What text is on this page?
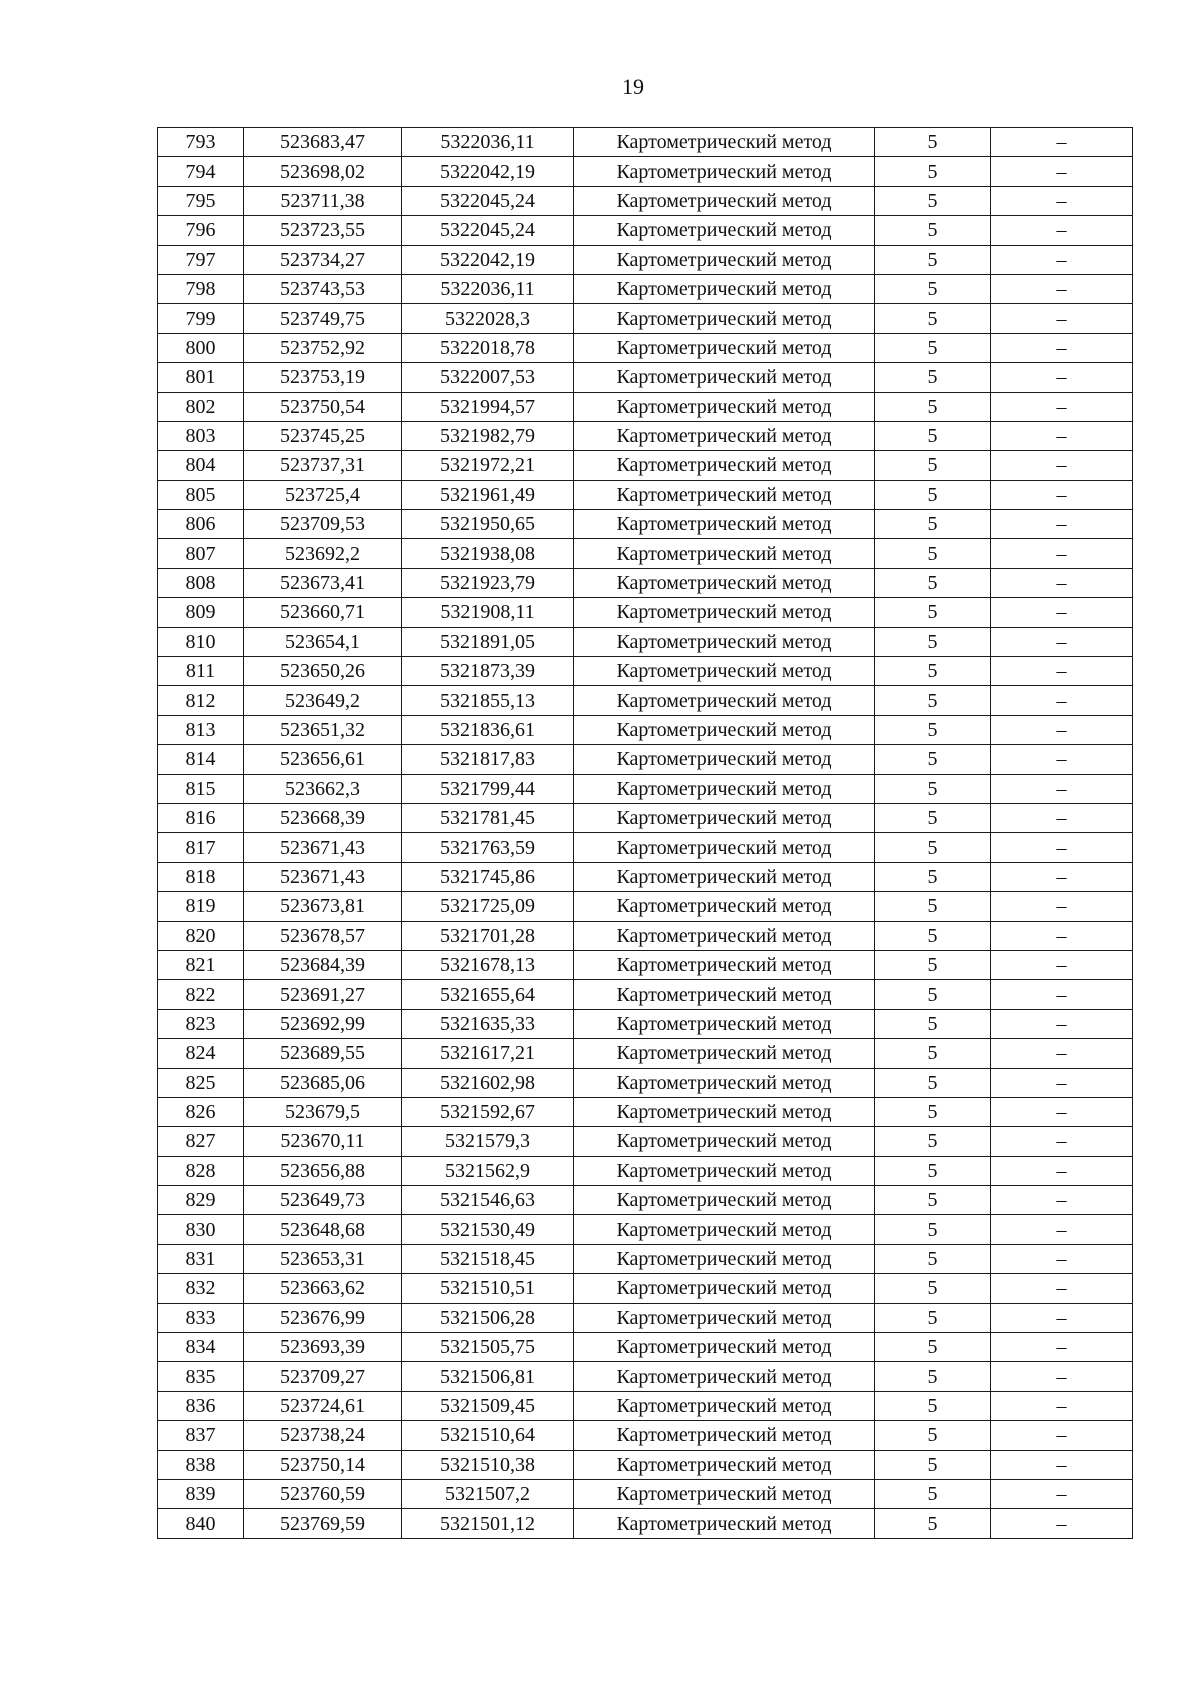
19
793	523683,47	5322036,11	Картометрический метод	5	–
794	523698,02	5322042,19	Картометрический метод	5	–
795	523711,38	5322045,24	Картометрический метод	5	–
796	523723,55	5322045,24	Картометрический метод	5	–
797	523734,27	5322042,19	Картометрический метод	5	–
798	523743,53	5322036,11	Картометрический метод	5	–
799	523749,75	5322028,3	Картометрический метод	5	–
800	523752,92	5322018,78	Картометрический метод	5	–
801	523753,19	5322007,53	Картометрический метод	5	–
802	523750,54	5321994,57	Картометрический метод	5	–
803	523745,25	5321982,79	Картометрический метод	5	–
804	523737,31	5321972,21	Картометрический метод	5	–
805	523725,4	5321961,49	Картометрический метод	5	–
806	523709,53	5321950,65	Картометрический метод	5	–
807	523692,2	5321938,08	Картометрический метод	5	–
808	523673,41	5321923,79	Картометрический метод	5	–
809	523660,71	5321908,11	Картометрический метод	5	–
810	523654,1	5321891,05	Картометрический метод	5	–
811	523650,26	5321873,39	Картометрический метод	5	–
812	523649,2	5321855,13	Картометрический метод	5	–
813	523651,32	5321836,61	Картометрический метод	5	–
814	523656,61	5321817,83	Картометрический метод	5	–
815	523662,3	5321799,44	Картометрический метод	5	–
816	523668,39	5321781,45	Картометрический метод	5	–
817	523671,43	5321763,59	Картометрический метод	5	–
818	523671,43	5321745,86	Картометрический метод	5	–
819	523673,81	5321725,09	Картометрический метод	5	–
820	523678,57	5321701,28	Картометрический метод	5	–
821	523684,39	5321678,13	Картометрический метод	5	–
822	523691,27	5321655,64	Картометрический метод	5	–
823	523692,99	5321635,33	Картометрический метод	5	–
824	523689,55	5321617,21	Картометрический метод	5	–
825	523685,06	5321602,98	Картометрический метод	5	–
826	523679,5	5321592,67	Картометрический метод	5	–
827	523670,11	5321579,3	Картометрический метод	5	–
828	523656,88	5321562,9	Картометрический метод	5	–
829	523649,73	5321546,63	Картометрический метод	5	–
830	523648,68	5321530,49	Картометрический метод	5	–
831	523653,31	5321518,45	Картометрический метод	5	–
832	523663,62	5321510,51	Картометрический метод	5	–
833	523676,99	5321506,28	Картометрический метод	5	–
834	523693,39	5321505,75	Картометрический метод	5	–
835	523709,27	5321506,81	Картометрический метод	5	–
836	523724,61	5321509,45	Картометрический метод	5	–
837	523738,24	5321510,64	Картометрический метод	5	–
838	523750,14	5321510,38	Картометрический метод	5	–
839	523760,59	5321507,2	Картометрический метод	5	–
840	523769,59	5321501,12	Картометрический метод	5	–
